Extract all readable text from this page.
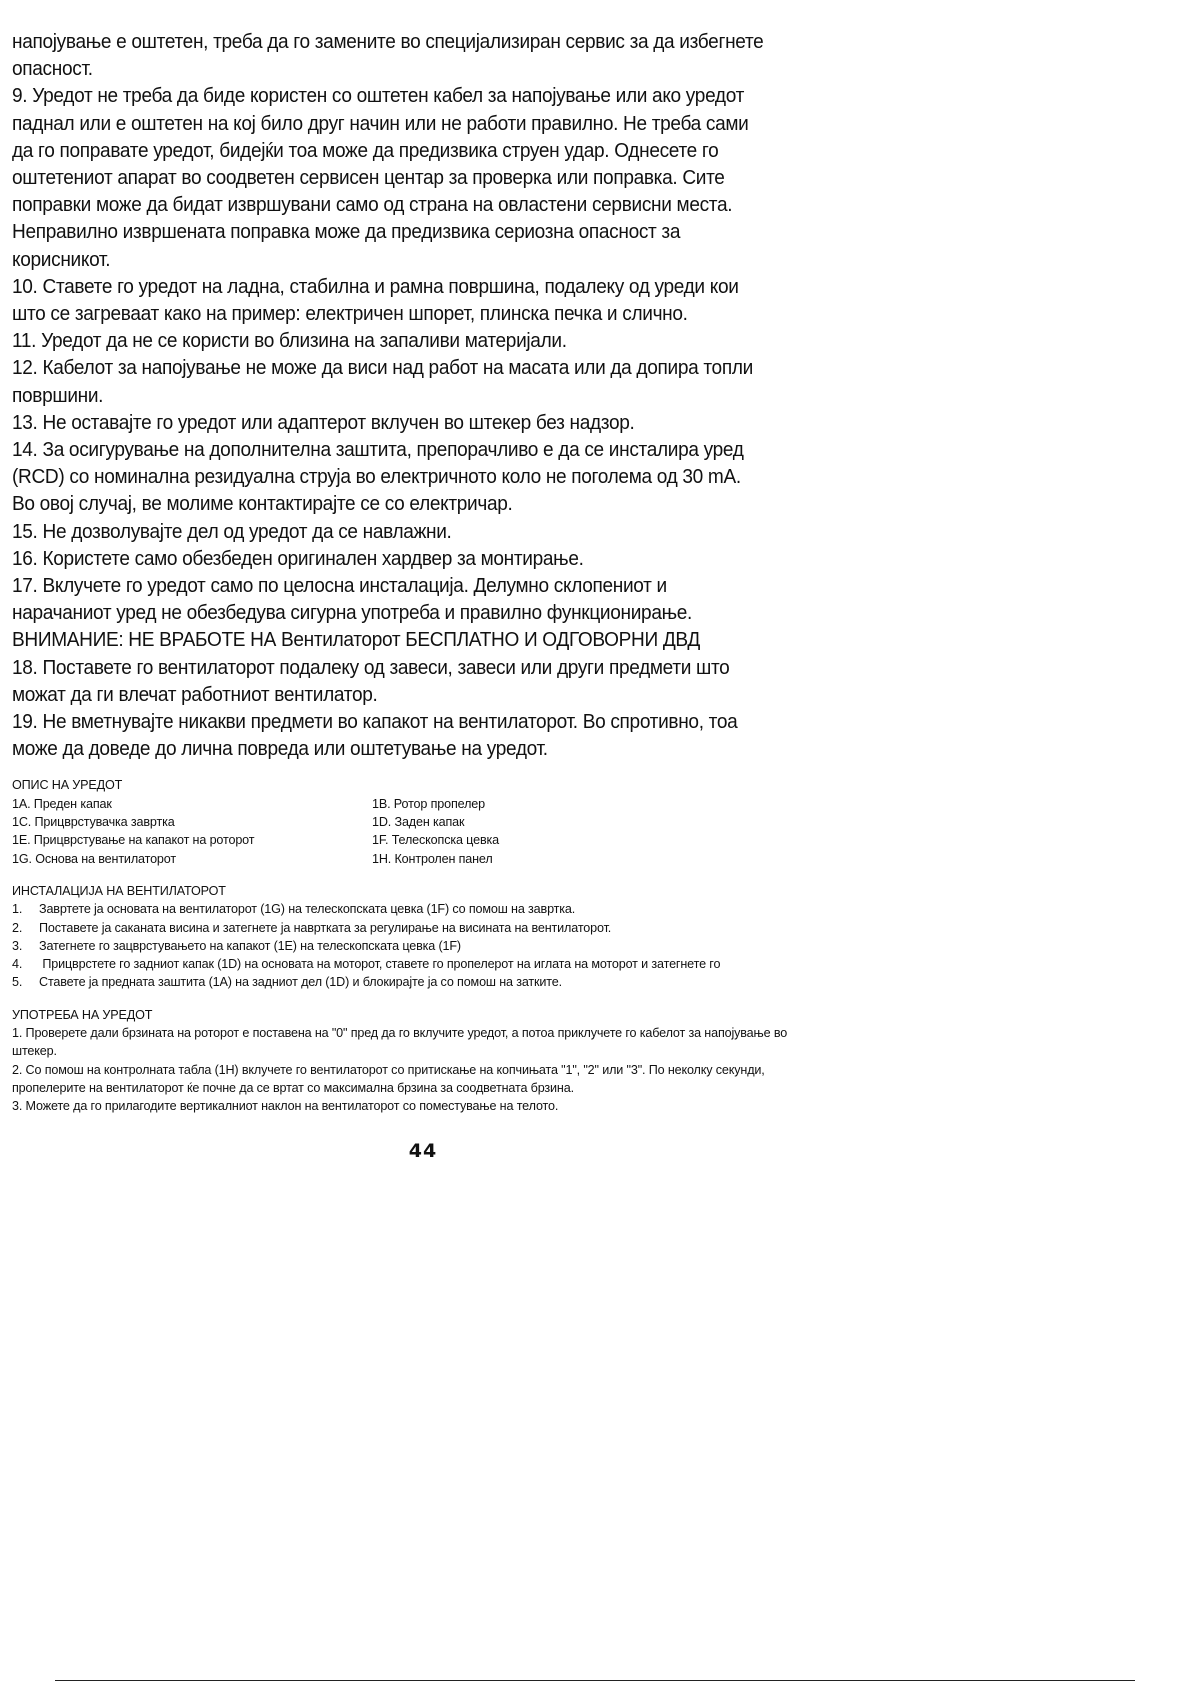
напојување е оштетен, треба да го замените во специјализиран сервис за да избегнете

опасност.

9. Уредот не треба да биде користен со оштетен кабел за напојување или ако уредот

паднал или е оштетен на кој било друг начин или не работи правилно. Не треба сами

да го поправате уредот, бидејќи тоа може да предизвика струен удар. Однесете го

оштетениот апарат во соодветен сервисен центар за проверка или поправка. Сите

поправки може да бидат извршувани само од страна на овластени сервисни места.

Неправилно извршената поправка може да предизвика сериозна опасност за

корисникот.

10. Ставете го уредот на ладна, стабилна и рамна површина, подалеку од уреди кои

што се загреваат како на пример: електричен шпорет, плинска печка и слично.

11. Уредот да не се користи во близина на запаливи материјали.

12. Кабелот за напојување не може да виси над работ на масата или да допира топли

површини.

13. Не оставајте го уредот или адаптерот вклучен во штекер без надзор.

14. За осигурување на дополнителна заштита, препорачливо е да се инсталира уред

(RCD) со номинална резидуална струја во електричното коло не поголема од 30 mA.

Во овој случај, ве молиме контактирајте се со електричар.

15. Не дозволувајте дел од уредот да се навлажни.

16. Користете само обезбеден оригинален хардвер за монтирање.

17. Вклучете го уредот само по целосна инсталација. Делумно склопениот и

нарачаниот уред не обезбедува сигурна употреба и правилно функционирање.

ВНИМАНИЕ: НЕ ВРАБОТЕ НА Вентилаторот БЕСПЛАТНО И ОДГОВОРНИ ДВД

18. Поставете го вентилаторот подалеку од завеси, завеси или други предмети што

можат да ги влечат работниот вентилатор.

19. Не вметнувајте никакви предмети во капакот на вентилаторот. Во спротивно, тоа

може да доведе до лична повреда или оштетување на уредот.

ОПИС НА УРЕДОТ

1A. Преден капак	1B. Ротор пропелер
1C. Прицврстувачка завртка	1D. Заден капак
1E. Прицврстување на капакот на роторот	1F. Телескопска цевка
1G. Основа на вентилаторот	1H. Контролен панел

ИНСТАЛАЦИЈА НА ВЕНТИЛАТОРОТ

1. Завртете ја основата на вентилаторот (1G) на телескопската цевка (1F) со помош на завртка.

2. Поставете ја саканата висина и затегнете ја наврткатa за регулирање на висината на вентилаторот.

3. Затегнете го зацврстувањето на капакот (1E) на телескопската цевка (1F)

4. Прицврстете го задниот капак (1D) на основата на моторот, ставете го пропелерот на иглата на моторот и затегнете го

5. Ставете ја предната заштита (1A) на задниот дел (1D) и блокирајте ја со помош на затките.

УПОТРЕБА НА УРЕДОТ

1. Проверете дали брзината на роторот е поставена на "0" пред да го вклучите уредот, а потоа приклучете го кабелот за напојување во штекер.

2. Со помош на контролната табла (1H) вклучете го вентилаторот со притискање на копчињата "1", "2" или "3". По неколку секунди, пропелерите на вентилаторот ќе почне да се вртат со максимална брзина за соодветната брзина.

3. Можете да го прилагодите вертикалниот наклон на вентилаторот со поместување на телото.

44
